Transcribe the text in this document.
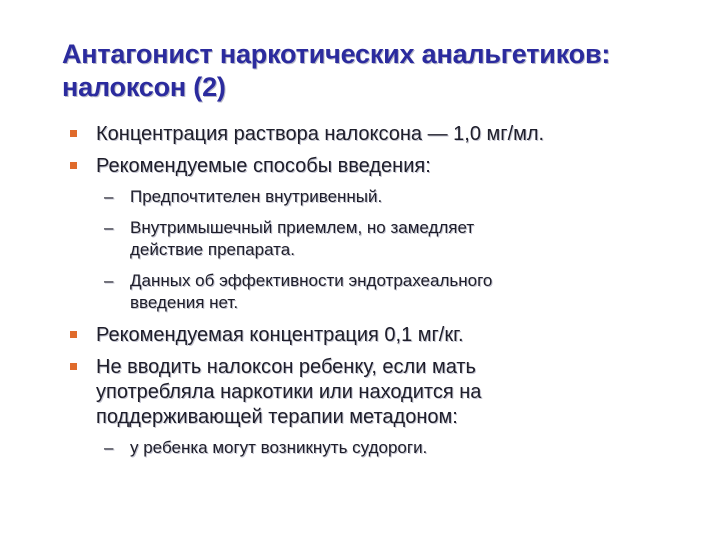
Антагонист наркотических анальгетиков:
налоксон (2)
Концентрация раствора налоксона — 1,0 мг/мл.
Рекомендуемые способы введения:
– Предпочтителен внутривенный.
– Внутримышечный приемлем, но замедляет
действие препарата.
– Данных об эффективности эндотрахеального
введения нет.
Рекомендуемая концентрация 0,1 мг/кг.
Не вводить налоксон ребенку, если мать
употребляла наркотики или находится на
поддерживающей терапии метадоном:
– у ребенка могут возникнуть судороги.
